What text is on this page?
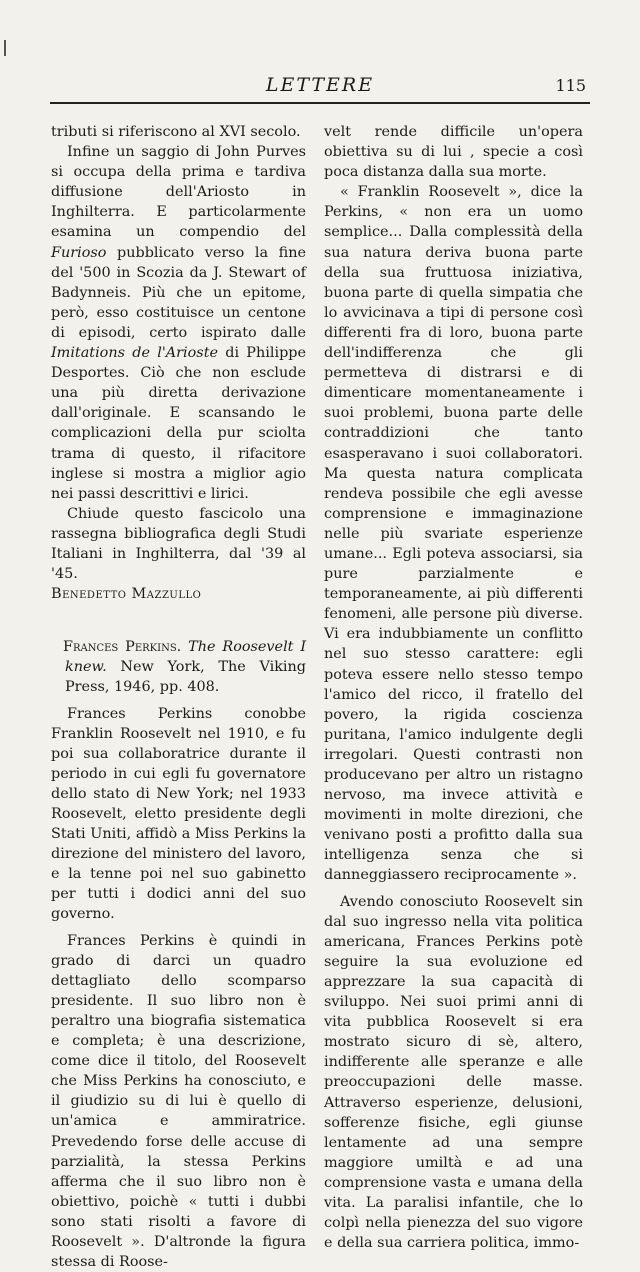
LETTERE	115

tributi si riferiscono al XVI secolo.

Infine un saggio di John Purves si occupa della prima e tardiva diffusione dell'Ariosto in Inghilterra. E particolarmente esamina un compendio del Furioso pubblicato verso la fine del '500 in Scozia da J. Stewart of Badynneis. Più che un epitome, però, esso costituisce un centone di episodi, certo ispirato dalle Imitations de l'Arioste di Philippe Desportes. Ciò che non esclude una più diretta derivazione dall'originale. E scansando le complicazioni della pur sciolta trama di questo, il rifacitore inglese si mostra a miglior agio nei passi descrittivi e lirici.

Chiude questo fascicolo una rassegna bibliografica degli Studi Italiani in Inghilterra, dal '39 al '45.

Benedetto Mazzullo

Frances Perkins. The Roosevelt I knew. New York, The Viking Press, 1946, pp. 408.

Frances Perkins conobbe Franklin Roosevelt nel 1910, e fu poi sua collaboratrice durante il periodo in cui egli fu governatore dello stato di New York; nel 1933 Roosevelt, eletto presidente degli Stati Uniti, affidò a Miss Perkins la direzione del ministero del lavoro, e la tenne poi nel suo gabinetto per tutti i dodici anni del suo governo.

Frances Perkins è quindi in grado di darci un quadro dettagliato dello scomparso presidente. Il suo libro non è peraltro una biografia sistematica e completa; è una descrizione, come dice il titolo, del Roosevelt che Miss Perkins ha conosciuto, e il giudizio su di lui è quello di un'amica e ammiratrice. Prevedendo forse delle accuse di parzialità, la stessa Perkins afferma che il suo libro non è obiettivo, poichè « tutti i dubbi sono stati risolti a favore di Roosevelt ». D'altronde la figura stessa di Roose-

velt rende difficile un'opera obiettiva su di lui , specie a così poca distanza dalla sua morte.

« Franklin Roosevelt », dice la Perkins, « non era un uomo semplice... Dalla complessità della sua natura deriva buona parte della sua fruttuosa iniziativa, buona parte di quella simpatia che lo avvicinava a tipi di persone così differenti fra di loro, buona parte dell'indifferenza che gli permetteva di distrarsi e di dimenticare momentaneamente i suoi problemi, buona parte delle contraddizioni che tanto esasperavano i suoi collaboratori. Ma questa natura complicata rendeva possibile che egli avesse comprensione e immaginazione nelle più svariate esperienze umane... Egli poteva associarsi, sia pure parzialmente e temporaneamente, ai più differenti fenomeni, alle persone più diverse. Vi era indubbiamente un conflitto nel suo stesso carattere: egli poteva essere nello stesso tempo l'amico del ricco, il fratello del povero, la rigida coscienza puritana, l'amico indulgente degli irregolari. Questi contrasti non producevano per altro un ristagno nervoso, ma invece attività e movimenti in molte direzioni, che venivano posti a profitto dalla sua intelligenza senza che si danneggiassero reciprocamente ».

Avendo conosciuto Roosevelt sin dal suo ingresso nella vita politica americana, Frances Perkins potè seguire la sua evoluzione ed apprezzare la sua capacità di sviluppo. Nei suoi primi anni di vita pubblica Roosevelt si era mostrato sicuro di sè, altero, indifferente alle speranze e alle preoccupazioni delle masse. Attraverso esperienze, delusioni, sofferenze fisiche, egli giunse lentamente ad una sempre maggiore umiltà e ad una comprensione vasta e umana della vita. La paralisi infantile, che lo colpì nella pienezza del suo vigore e della sua carriera politica, immo-
